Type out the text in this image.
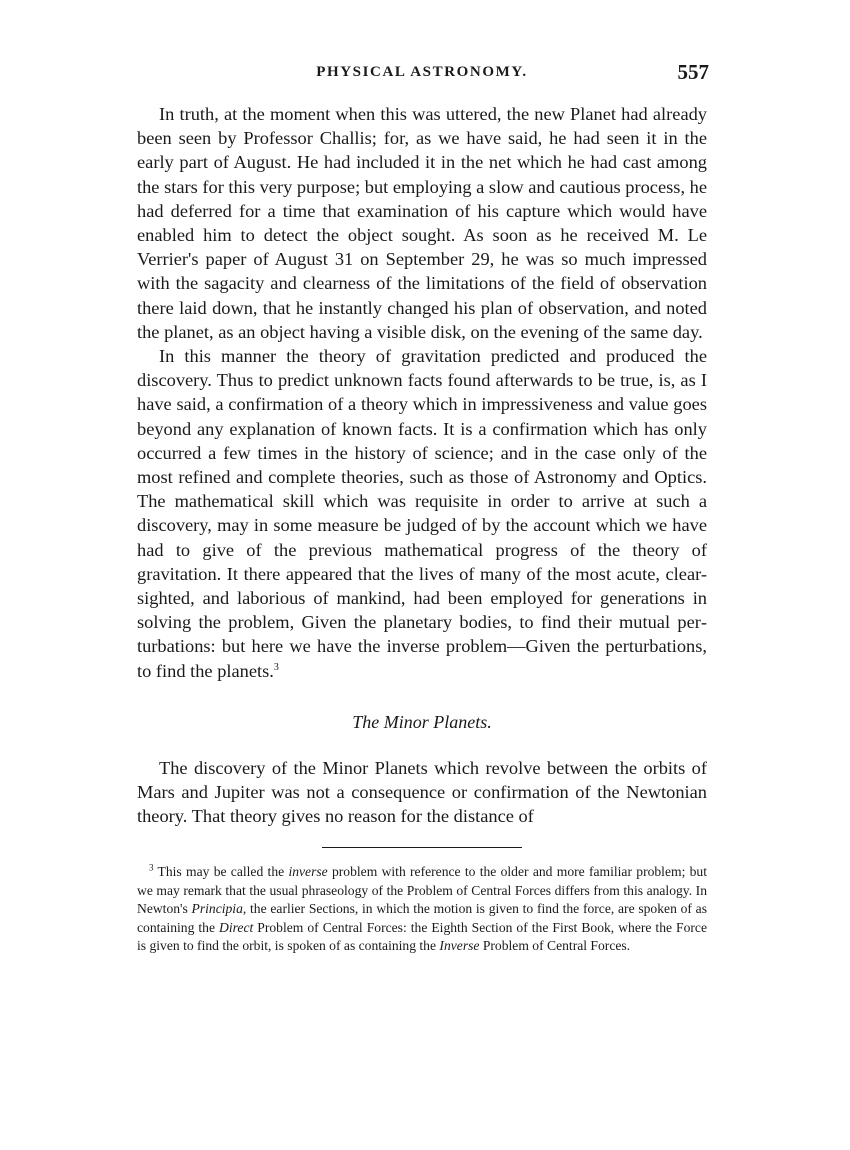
PHYSICAL ASTRONOMY.	557

In truth, at the moment when this was uttered, the new Planet had already been seen by Professor Challis; for, as we have said, he had seen it in the early part of August. He had included it in the net which he had cast among the stars for this very purpose; but employing a slow and cautious process, he had deferred for a time that examination of his capture which would have enabled him to detect the object sought. As soon as he received M. Le Verrier's paper of August 31 on September 29, he was so much impressed with the sagacity and clearness of the limitations of the field of observation there laid down, that he instantly changed his plan of observation, and noted the planet, as an object having a visible disk, on the evening of the same day.

In this manner the theory of gravitation predicted and produced the discovery. Thus to predict unknown facts found afterwards to be true, is, as I have said, a confirmation of a theory which in impressiveness and value goes beyond any explanation of known facts. It is a confirmation which has only occurred a few times in the history of science; and in the case only of the most refined and complete theories, such as those of Astronomy and Optics. The mathematical skill which was requisite in order to arrive at such a discovery, may in some measure be judged of by the account which we have had to give of the previous mathematical progress of the theory of gravitation. It there appeared that the lives of many of the most acute, clear-sighted, and laborious of mankind, had been employed for generations in solving the problem, Given the planetary bodies, to find their mutual perturbations: but here we have the inverse problem—Given the perturbations, to find the planets.$^3$

The Minor Planets.

The discovery of the Minor Planets which revolve between the orbits of Mars and Jupiter was not a consequence or confirmation of the Newtonian theory. That theory gives no reason for the distance of

$^3$ This may be called the inverse problem with reference to the older and more familiar problem; but we may remark that the usual phraseology of the Problem of Central Forces differs from this analogy. In Newton's Principia, the earlier Sections, in which the motion is given to find the force, are spoken of as containing the Direct Problem of Central Forces: the Eighth Section of the First Book, where the Force is given to find the orbit, is spoken of as containing the Inverse Problem of Central Forces.
